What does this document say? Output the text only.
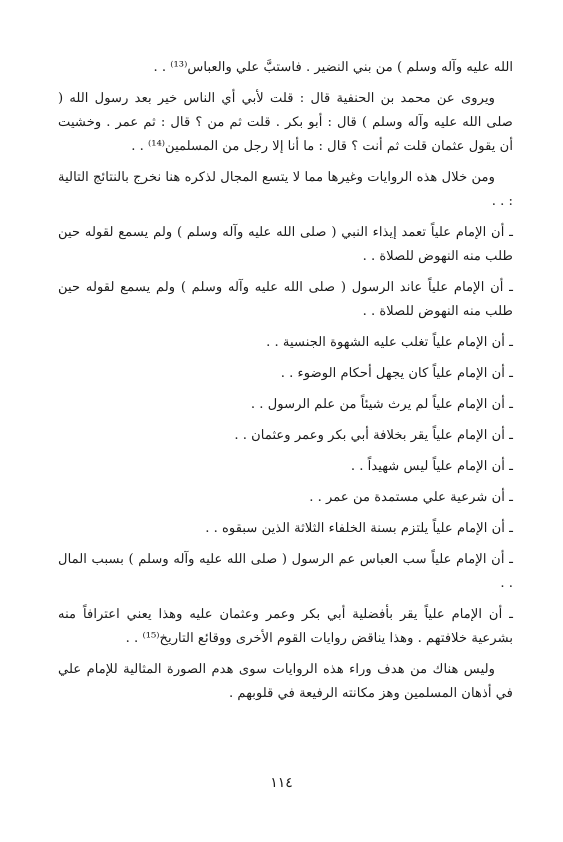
الله عليه وآله وسلم ) من بني النضير . فاستبَّ علي والعباس⁽¹³⁾ . .

ويروى عن محمد بن الحنفية قال : قلت لأبي أي الناس خير بعد رسول الله ( صلى الله عليه وآله وسلم ) قال : أبو بكر . قلت ثم من ؟ قال : ثم عمر . وخشيت أن يقول عثمان قلت ثم أنت ؟ قال : ما أنا إلا رجل من المسلمين⁽¹⁴⁾ . .

ومن خلال هذه الروايات وغيرها مما لا يتسع المجال لذكره هنا نخرج بالنتائج التالية : . .

ـ أن الإمام علياً تعمد إيذاء النبي ( صلى الله عليه وآله وسلم ) ولم يسمع لقوله حين طلب منه النهوض للصلاة . .

ـ أن الإمام علياً عاند الرسول ( صلى الله عليه وآله وسلم ) ولم يسمع لقوله حين طلب منه النهوض للصلاة . .

ـ أن الإمام علياً تغلب عليه الشهوة الجنسية . .

ـ أن الإمام علياً كان يجهل أحكام الوضوء . .

ـ أن الإمام علياً لم يرث شيئاً من علم الرسول . .

ـ أن الإمام علياً يقر بخلافة أبي بكر وعمر وعثمان . .

ـ أن الإمام علياً ليس شهيداً . .

ـ أن شرعية علي مستمدة من عمر . .

ـ أن الإمام علياً يلتزم بسنة الخلفاء الثلاثة الذين سبقوه . .

ـ أن الإمام علياً سب العباس عم الرسول ( صلى الله عليه وآله وسلم ) بسبب المال . .

ـ أن الإمام علياً يقر بأفضلية أبي بكر وعمر وعثمان عليه وهذا يعني اعترافاً منه بشرعية خلافتهم . وهذا يناقض روايات القوم الأخرى ووقائع التاريخ⁽¹⁵⁾ . .

وليس هناك من هدف وراء هذه الروايات سوى هدم الصورة المثالية للإمام علي في أذهان المسلمين وهز مكانته الرفيعة في قلوبهم .

١١٤
